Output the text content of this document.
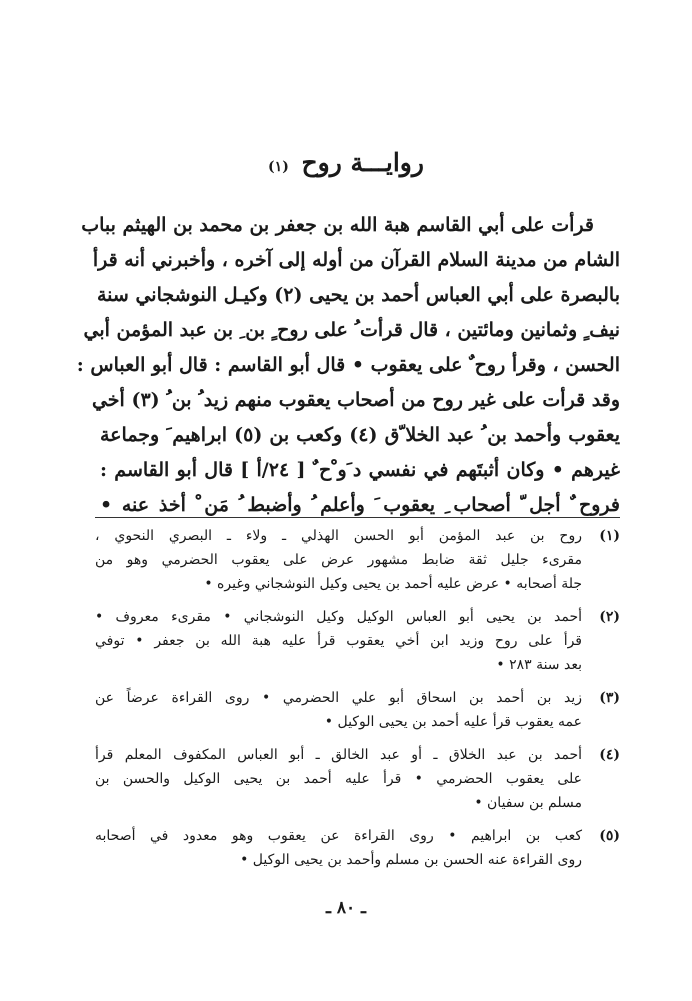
روايـــة روح (١)
قرأت على أبي القاسم هبة الله بن جعفر بن محمد بن الهيثم بباب
الشام من مدينة السلام القرآن من أوله إلى آخره ، وأخبرني أنه قرأ
بالبصرة على أبي العباس أحمد بن يحيى (٢) وكيـل النوشجاني سنة
نيف ٍ وثمانين ومائتين ، قال قرأت ُ على روح ٍ بن ِ بن عبد المؤمن أبي
الحسن ، وقرأ روح ٌ على يعقوب • قال أبو القاسم : قال أبو العباس :
وقد قرأت على غير روح من أصحاب يعقوب منهم زيد ُ بن ُ (٣) أخي
يعقوب وأحمد بن ُ عبد الخلا ّق (٤) وكعب بن (٥) ابراهيم َ وجماعة
غيرهم • وكان أثبتَهم في نفسي د َو ْح ٌ [ ٢٤/أ ] قال أبو القاسم :
فروح ٌ أجل ّ أصحاب ِ يعقوب َ وأعلم ُ وأضبط ُ مَن ْ أخذ عنه •
(١)
روح بن عبد المؤمن أبو الحسن الهذلي ـ ولاء ـ البصري النحوي ،
مقرىء جليل ثقة ضابط مشهور عرض على يعقوب الحضرمي وهو من
جلة أصحابه • عرض عليه أحمد بن يحيى وكيل النوشجاني وغيره •
(٢)
أحمد بن يحيى أبو العباس الوكيل وكيل النوشجاني • مقرىء معروف •
قرأ على روح وزيد ابن أخي يعقوب قرأ عليه هبة الله بن جعفر • توفي
بعد سنة ٢٨٣ •
(٣)
زيد بن أحمد بن اسحاق أبو علي الحضرمي • روى القراءة عرضاً عن
عمه يعقوب قرأ عليه أحمد بن يحيى الوكيل •
(٤)
أحمد بن عبد الخلاق ـ أو عبد الخالق ـ أبو العباس المكفوف المعلم قرأ
على يعقوب الحضرمي • قرأ عليه أحمد بن يحيى الوكيل والحسن بن
مسلم بن سفيان •
(٥)
كعب بن ابراهيم • روى القراءة عن يعقوب وهو معدود في أصحابه
روى القراءة عنه الحسن بن مسلم وأحمد بن يحيى الوكيل •
ـ ٨٠ ـ
